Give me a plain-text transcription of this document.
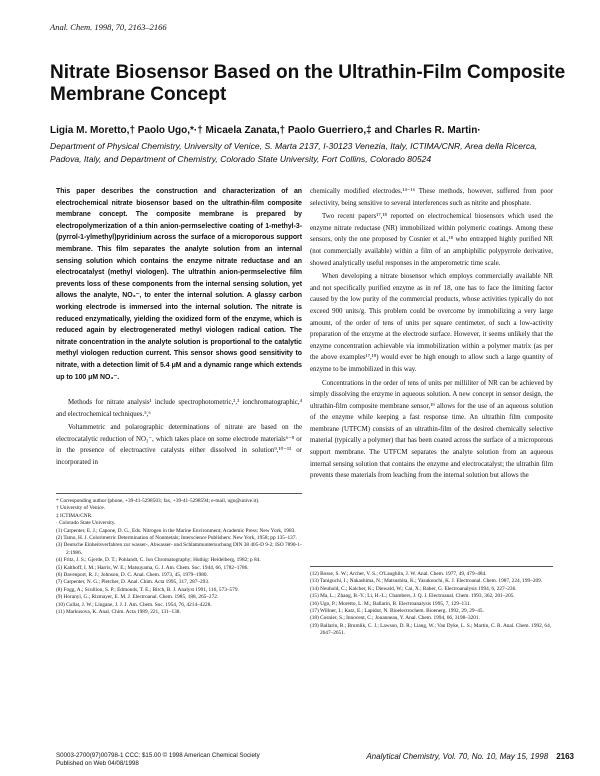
Anal. Chem. 1998, 70, 2163–2166
Nitrate Biosensor Based on the Ultrathin-Film Composite Membrane Concept
Ligia M. Moretto,† Paolo Ugo,*·† Micaela Zanata,† Paolo Guerriero,‡ and Charles R. Martin·
Department of Physical Chemistry, University of Venice, S. Marta 2137, I-30123 Venezia, Italy, ICTIMA/CNR, Area della Ricerca, Padova, Italy, and Department of Chemistry, Colorado State University, Fort Collins, Colorado 80524
This paper describes the construction and characterization of an electrochemical nitrate biosensor based on the ultrathin-film composite membrane concept. The composite membrane is prepared by electropolymerization of a thin anion-permselective coating of 1-methyl-3-(pyrrol-1-ylmethyl)pyridinium across the surface of a microporous support membrane. This film separates the analyte solution from an internal sensing solution which contains the enzyme nitrate reductase and an electrocatalyst (methyl viologen). The ultrathin anion-permselective film prevents loss of these components from the internal sensing solution, yet allows the analyte, NO₃⁻, to enter the internal solution. A glassy carbon working electrode is immersed into the internal solution. The nitrate is reduced enzymatically, yielding the oxidized form of the enzyme, which is reduced again by electrogenerated methyl viologen radical cation. The nitrate concentration in the analyte solution is proportional to the catalytic methyl viologen reduction current. This sensor shows good sensitivity to nitrate, with a detection limit of 5.4 μM and a dynamic range which extends up to 100 μM NO₃⁻.

Methods for nitrate analysis¹ include spectrophotometric,²,³ ionchromatographic,⁴ and electrochemical techniques.⁵,⁶

Voltammetric and polarographic determinations of nitrate are based on the electrocatalytic reduction of NO₃⁻, which takes place on some electrode materials⁶⁻⁸ or in the presence of electroactive catalysts either dissolved in solution⁹,¹⁰⁻¹³ or incorporated in

chemically modified electrodes.¹⁴⁻¹⁶ These methods, however, suffered from poor selectivity, being sensitive to several interferences such as nitrite and phosphate.

Two recent papers¹⁷,¹⁸ reported on electrochemical biosensors which used the enzyme nitrate reductase (NR) immobilized within polymeric coatings. Among these sensors, only the one proposed by Cosnier et al.,¹⁸ who entrapped highly purified NR (not commercially available) within a film of an amphiphilic polypyrrole derivative, showed analytically useful responses in the amperometric time scale.

When developing a nitrate biosensor which employs commercially available NR and not specifically purified enzyme as in ref 18, one has to face the limiting factor caused by the low purity of the commercial products, whose activities typically do not exceed 900 units/g. This problem could be overcome by immobilizing a very large amount, of the order of tens of units per square centimeter, of such a low-activity preparation of the enzyme at the electrode surface. However, it seems unlikely that the enzyme concentration achievable via immobilization within a polymer matrix (as per the above examples¹⁷,¹⁸) would ever be high enough to allow such a large quantity of enzyme to be immobilized in this way.

Concentrations in the order of tens of units per milliliter of NR can be achieved by simply dissolving the enzyme in aqueous solution. A new concept in sensor design, the ultrathin-film composite membrane sensor,¹⁹ allows for the use of an aqueous solution of the enzyme while keeping a fast response time. An ultrathin film composite membrane (UTFCM) consists of an ultrathin-film of the desired chemically selective material (typically a polymer) that has been coated across the surface of a microporous support membrane. The UTFCM separates the analyte solution from an aqueous internal sensing solution that contains the enzyme and electrocatalyst; the ultrathin film prevents these materials from leaching from the internal solution but allows the

* Corresponding author (phone, +39-41-5298503; fax, +39-41-5298594; e-mail, ugo@unive.it).
† University of Venice.
‡ ICTIMA/CNR.
· Colorado State University.
(1) Carpenter, E. J.; Capone, D. G., Eds. Nitrogen in the Marine Environment; Academic Press: New York, 1983.
(2) Tamo, H. J. Colorimetric Determination of Nonmetals; Interscience Publishers: New York, 1958; pp 135–137.
(3) Deutsche Einheitsverfahren zur wasser-, Abwasser- und Schlammuntersuchung DIN 38 405-D 9-2; ISO 7890-1-2:1986.
(4) Fritz, J. S.; Gjerde, D. T.; Pohlandt, C. Ion Chromatography; Huthig: Heidelberg, 1982; p 84.
(5) Kalthoff, I. M.; Harris, W. E.; Matsuyama, G. J. Am. Chem. Soc. 1944, 66, 1782–1786.
(6) Davenport, R. J.; Johnson, D. C. Anal. Chem. 1973, 45, 1979–1980.
(7) Carpenter, N. G.; Pletcher, D. Anal. Chim. Acta 1995, 317, 287–293.
(8) Fogg, A.; Scullion, S. P.; Edmonds, T. E.; Birch, B. J. Analyst 1991, 116, 573–579.
(9) Horanyi, G.; Rizmayer, E. M. J. Electroanal. Chem. 1985, 188, 265–272.
(10) Collat, J. W.; Lingane, J. J. J. Am. Chem. Soc. 1954, 76, 4214–4228.
(11) Markusova, K. Anal. Chim. Acta 1989, 221, 131–138.
(12) Bosse, S. W.; Archer, V. S.; O'Laughlin, J. W. Anal. Chem. 1977, 49, 479–484.
(13) Taniguchi, I.; Nakashima, N.; Matsushita, K.; Yasukouchi, K. J. Electroanal. Chem. 1987, 224, 199–209.
(14) Neuhold, C.; Kalcher, K.; Diewald, W.; Cai, X.; Raber, G. Electroanalysis 1994, 6, 227–236.
(15) Ma, L.; Zhang, B.-Y.; Li, H.-L.; Chambers, J. Q. J. Electroanal. Chem. 1993, 362, 201–205.
(16) Ugo, P.; Moretto, L. M.; Ballarin, B. Electroanalysis 1995, 7, 129–131.
(17) Willner, I.; Katz, E.; Lapidot, N. Bioelectrochem. Bioenerg. 1992, 29, 29–45.
(18) Cosnier, S.; Innocent, C.; Jouanneau, Y. Anal. Chem. 1994, 66, 3198–3201.
(19) Ballarin, B.; Brumlik, C. J.; Lawson, D. R.; Liang, W.; Van Dyke, L. S.; Martin, C. R. Anal. Chem. 1992, 64, 2647–2651.
S0003-2700(97)00798-1 CCC: $15.00 © 1998 American Chemical Society
Published on Web 04/08/1998
Analytical Chemistry, Vol. 70, No. 10, May 15, 1998 2163
